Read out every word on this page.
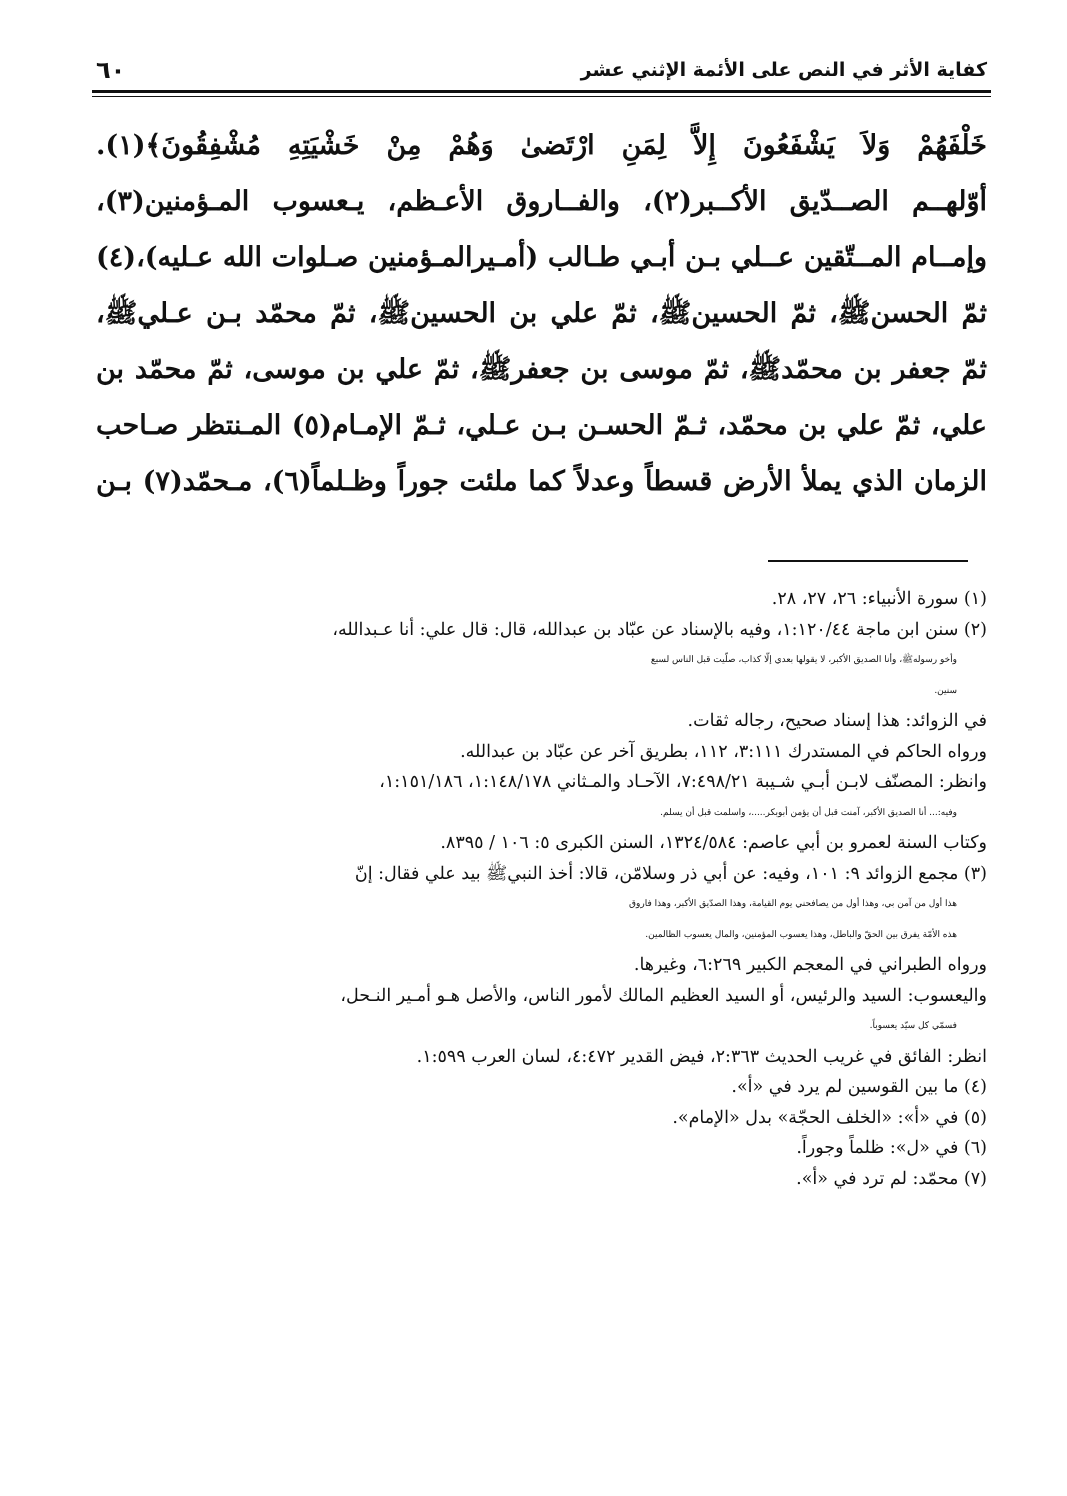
كفاية الأثر في النص على الأئمة الإثني عشر
٦٠
خَلْفَهُمْ وَلاَ يَشْفَعُونَ إِلاَّ لِمَنِ ارْتَضىٰ وَهُمْ مِنْ خَشْيَتِهِ مُشْفِقُونَ﴾(١).
أوّلهــم الصــدّيق الأكــبر(٢)، والفــاروق الأعـظم، يـعسوب المـؤمنين(٣)،
وإمــام المــتّقين عــلي بـن أبـي طـالب (أمـيرالمـؤمنين صـلوات الله عـليه)،(٤)
ثمّ الحسنﷺ، ثمّ الحسينﷺ، ثمّ علي بن الحسينﷺ، ثمّ محمّد بـن عـليﷺ،
ثمّ جعفر بن محمّدﷺ، ثمّ موسى بن جعفرﷺ، ثمّ علي بن موسى، ثمّ محمّد بن
علي، ثمّ علي بن محمّد، ثـمّ الحسـن بـن عـلي، ثـمّ الإمـام(٥) المـنتظر صـاحب
الزمان الذي يملأ الأرض قسطاً وعدلاً كما ملئت جوراً وظـلماً(٦)، مـحمّد(٧) بـن
(١) سورة الأنبياء: ٢٦، ٢٧، ٢٨.
(٢) سنن ابن ماجة ١:١٢٠/٤٤، وفيه بالإسناد عن عبّاد بن عبدالله، قال: قال علي: أنا عـبدالله،
وأخو رسولهﷺ، وأنا الصديق الأكبر، لا يقولها بعدي إلّا كذاب، صلّيت قبل الناس لسبع
سنين.
في الزوائد: هذا إسناد صحيح، رجاله ثقات.
ورواه الحاكم في المستدرك ٣:١١١، ١١٢، بطريق آخر عن عبّاد بن عبدالله.
وانظر: المصنّف لابـن أبـي شـيبة ٧:٤٩٨/٢١، الآحـاد والمـثاني ١:١٤٨/١٧٨، ١:١٥١/١٨٦،
وفيه:... أنا الصديق الأكبر، آمنت قبل أن يؤمن أبوبكر.....، واسلمت قبل أن يسلم.
وكتاب السنة لعمرو بن أبي عاصم: ١٣٢٤/٥٨٤، السنن الكبرى ٥: ١٠٦ / ٨٣٩٥.
(٣) مجمع الزوائد ٩: ١٠١، وفيه: عن أبي ذر وسلامّن، قالا: أخذ النبيﷺ بيد علي فقال: إنّ
هذا أول من آمن بي، وهذا أول من يصافحني يوم القيامة، وهذا الصدّيق الأكبر، وهذا فاروق
هذه الأمّة يفرق بين الحقّ والباطل، وهذا يعسوب المؤمنين، والمال يعسوب الظالمين.
ورواه الطبراني في المعجم الكبير ٦:٢٦٩، وغيرها.
واليعسوب: السيد والرئيس، أو السيد العظيم المالك لأمور الناس، والأصل هـو أمـير النـحل،
فسمّي كل سيّد يعسوباً.
انظر: الفائق في غريب الحديث ٢:٣٦٣، فيض القدير ٤:٤٧٢، لسان العرب ١:٥٩٩.
(٤) ما بين القوسين لم يرد في «أ».
(٥) في «أ»: «الخلف الحجّة» بدل «الإمام».
(٦) في «ل»: ظلماً وجوراً.
(٧) محمّد: لم ترد في «أ».
